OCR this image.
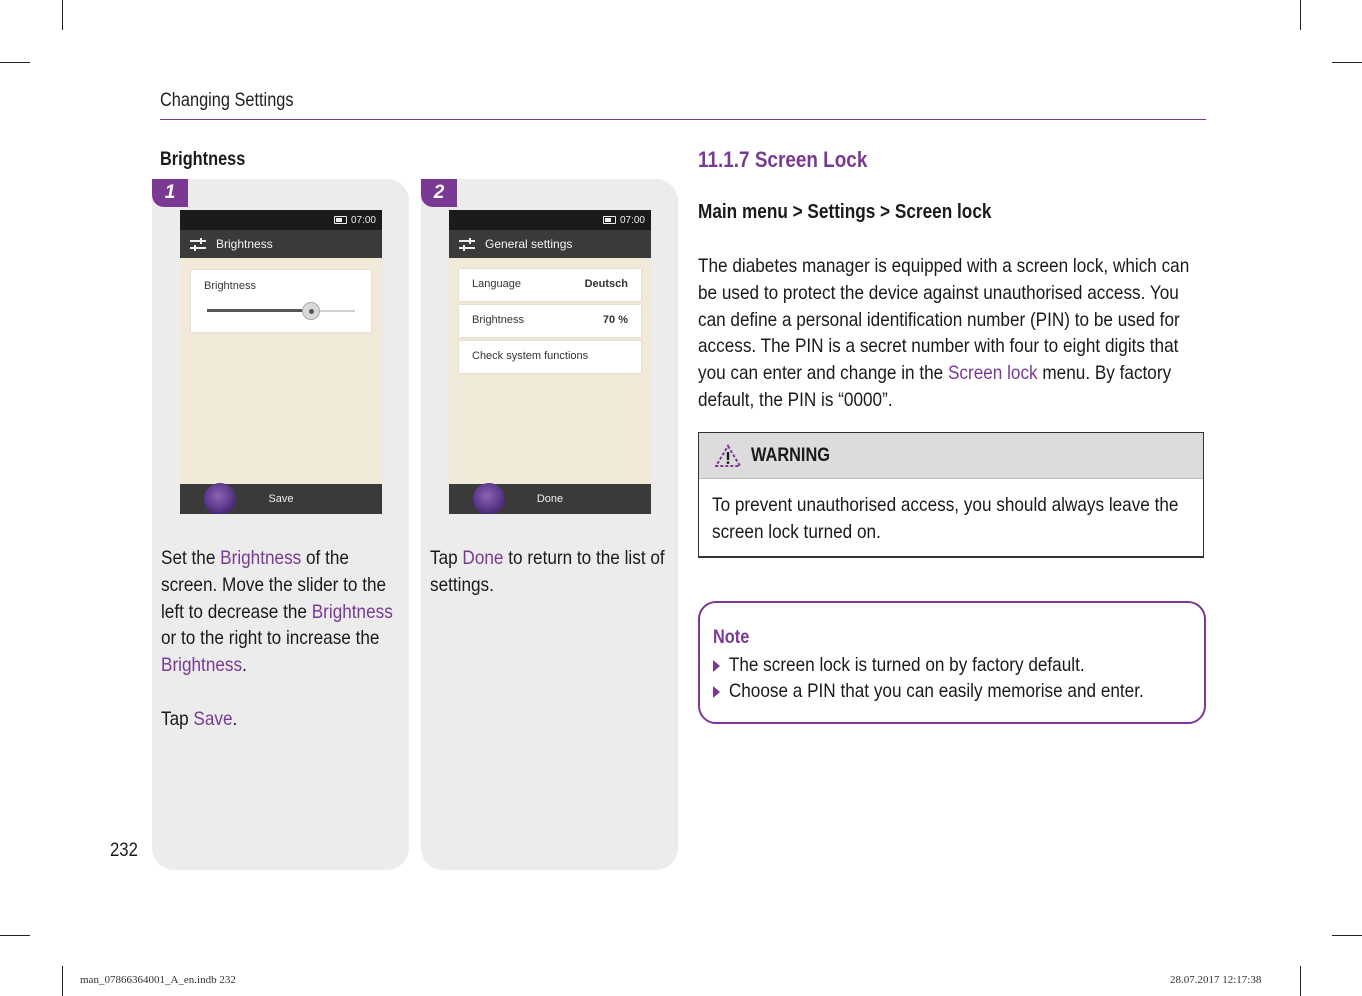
Changing Settings
Brightness
1
07:00
Brightness
Brightness
Save

Set the Brightness of the screen. Move the slider to the left to decrease the Brightness or to the right to increase the Brightness.

Tap Save.

2
07:00
General settings
Language	Deutsch
Brightness	70 %
Check system functions
Done

Tap Done to return to the list of settings.

11.1.7 Screen Lock
Main menu > Settings > Screen lock

The diabetes manager is equipped with a screen lock, which can be used to protect the device against unauthorised access. You can define a personal identification number (PIN) to be used for access. The PIN is a secret number with four to eight digits that you can enter and change in the Screen lock menu. By factory default, the PIN is “0000”.

WARNING
To prevent unauthorised access, you should always leave the screen lock turned on.
Note
The screen lock is turned on by factory default.
Choose a PIN that you can easily memorise and enter.
232
man_07866364001_A_en.indb 232	28.07.2017 12:17:38
